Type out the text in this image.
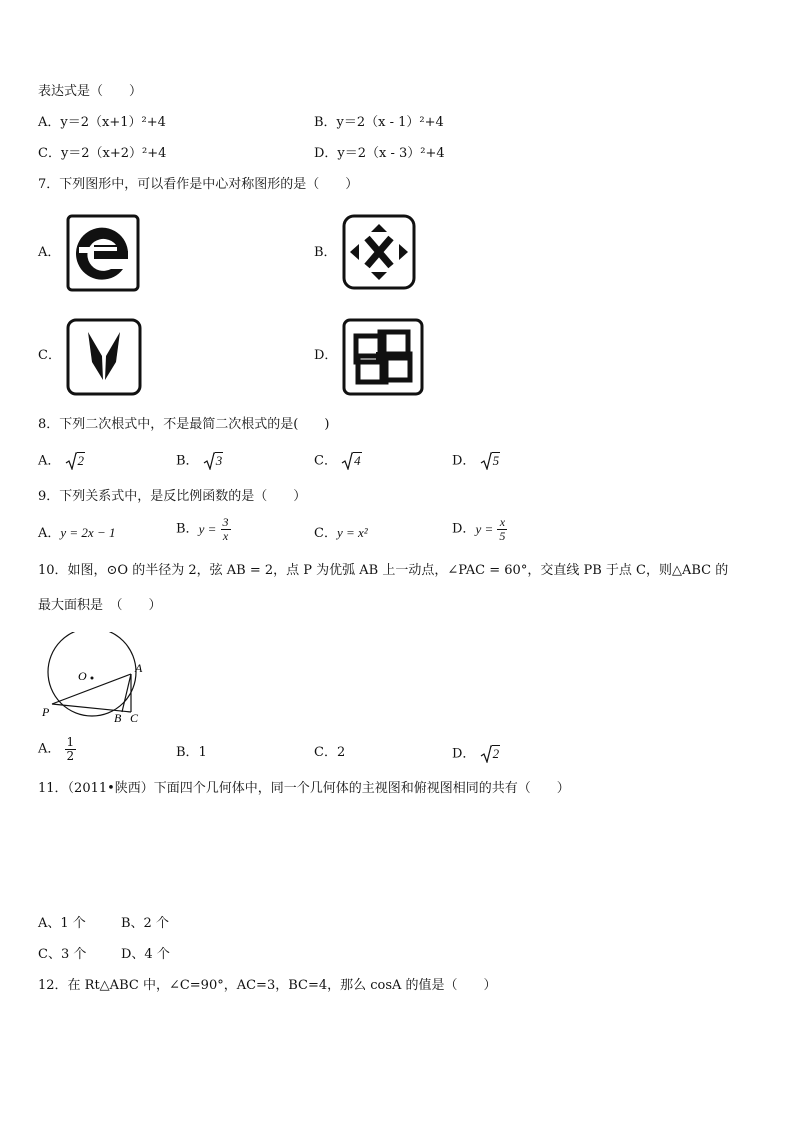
表达式是（　　）
A．y＝2（x+1）²+4	B．y＝2（x - 1）²+4
C．y＝2（x+2）²+4	D．y＝2（x - 3）²+4
7．下列图形中，可以看作是中心对称图形的是（　　）
A．	B．
C．	D．
8．下列二次根式中，不是最简二次根式的是(　　)
A． 2	B． 3	C． 4	D． 5
9．下列关系式中，是反比例函数的是（　　）
A．y = 2x − 1	B．$y = \frac{3}{x}$	C．y = x²	D．$y = \frac{x}{5}$
10．如图，⊙O 的半径为 2，弦 AB = 2，点 P 为优弧 AB 上一动点，∠PAC = 60°，交直线 PB 于点 C，则△ABC 的
最大面积是　（　　）
O
A
P	B C
A． $\frac{1}{2}$	B．1	C．2	D． 2
11．（2011•陕西）下面四个几何体中，同一个几何体的主视图和俯视图相同的共有（　　）
A、1 个	B、2 个
C、3 个	D、4 个
12．在 Rt△ABC 中，∠C=90°，AC=3，BC=4，那么 cosA 的值是（　　）
